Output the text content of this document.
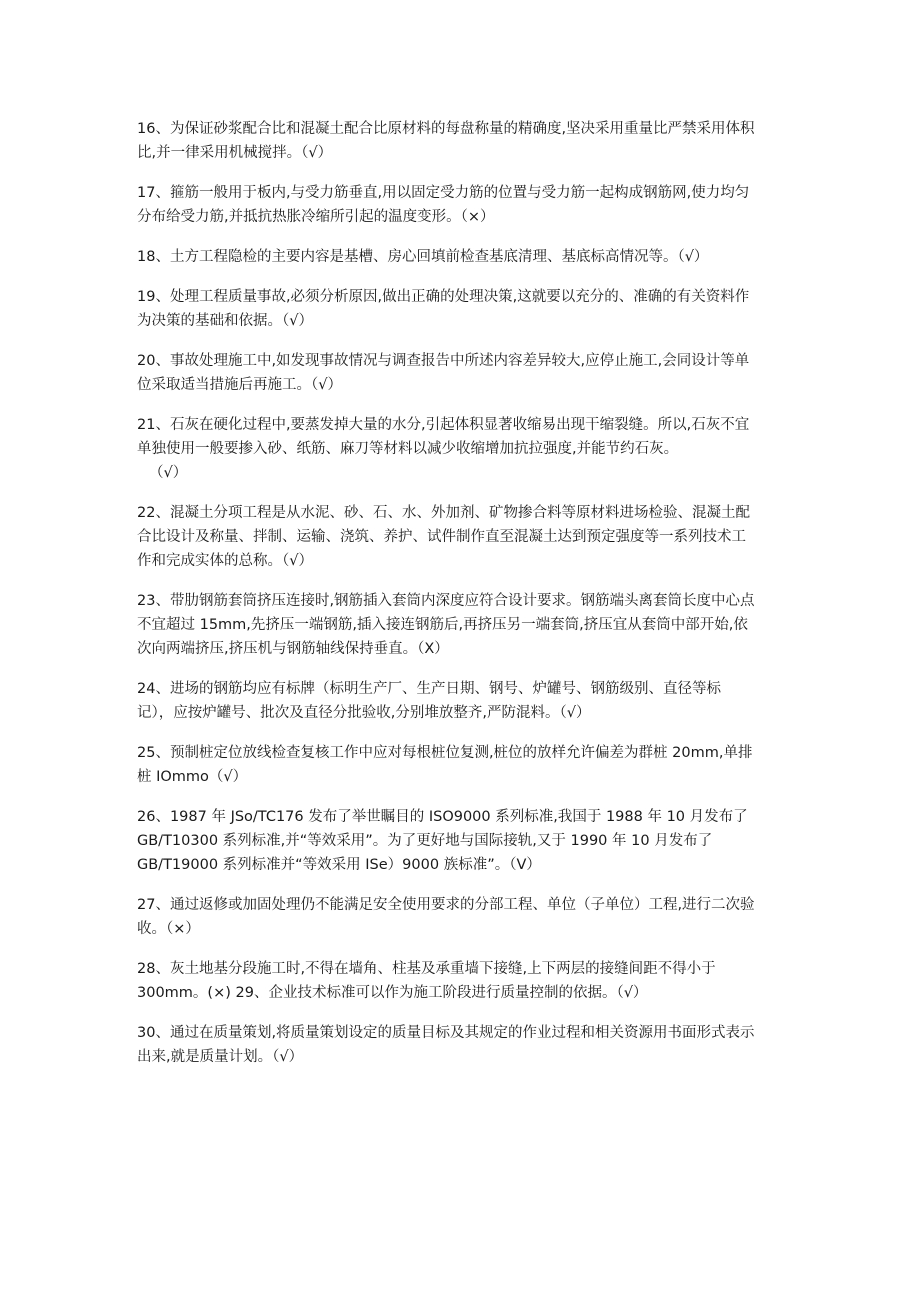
16、为保证砂浆配合比和混凝土配合比原材料的每盘称量的精确度,坚决采用重量比严禁采用体积
比,并一律采用机械搅拌。（√）
17、箍筋一般用于板内,与受力筋垂直,用以固定受力筋的位置与受力筋一起构成钢筋网,使力均匀
分布给受力筋,并抵抗热胀冷缩所引起的温度变形。（×）
18、土方工程隐检的主要内容是基槽、房心回填前检查基底清理、基底标高情况等。（√）
19、处理工程质量事故,必须分析原因,做出正确的处理决策,这就要以充分的、准确的有关资料作
为决策的基础和依据。（√）
20、事故处理施工中,如发现事故情况与调查报告中所述内容差异较大,应停止施工,会同设计等单
位采取适当措施后再施工。（√）
21、石灰在硬化过程中,要蒸发掉大量的水分,引起体积显著收缩易出现干缩裂缝。所以,石灰不宜
单独使用一般要掺入砂、纸筋、麻刀等材料以减少收缩增加抗拉强度,并能节约石灰。
（√）
22、混凝土分项工程是从水泥、砂、石、水、外加剂、矿物掺合料等原材料进场检验、混凝土配
合比设计及称量、拌制、运输、浇筑、养护、试件制作直至混凝土达到预定强度等一系列技术工
作和完成实体的总称。（√）
23、带肋钢筋套筒挤压连接时,钢筋插入套筒内深度应符合设计要求。钢筋端头离套筒长度中心点
不宜超过 15mm,先挤压一端钢筋,插入接连钢筋后,再挤压另一端套筒,挤压宜从套筒中部开始,依
次向两端挤压,挤压机与钢筋轴线保持垂直。（X）
24、进场的钢筋均应有标牌（标明生产厂、生产日期、钢号、炉罐号、钢筋级别、直径等标
记），应按炉罐号、批次及直径分批验收,分别堆放整齐,严防混料。（√）
25、预制桩定位放线检查复核工作中应对每根桩位复测,桩位的放样允许偏差为群桩 20mm,单排
桩 IOmmo（√）
26、1987 年 JSo/TC176 发布了举世瞩目的 ISO9000 系列标准,我国于 1988 年 10 月发布了
GB/T10300 系列标准,并“等效采用”。为了更好地与国际接轨,又于 1990 年 10 月发布了
GB/T19000 系列标准并“等效采用 ISe）9000 族标准”。（V）
27、通过返修或加固处理仍不能满足安全使用要求的分部工程、单位（子单位）工程,进行二次验
收。（×）
28、灰土地基分段施工时,不得在墙角、柱基及承重墙下接缝,上下两层的接缝间距不得小于
300mm。(×) 29、企业技术标准可以作为施工阶段进行质量控制的依据。（√）
30、通过在质量策划,将质量策划设定的质量目标及其规定的作业过程和相关资源用书面形式表示
出来,就是质量计划。（√）
